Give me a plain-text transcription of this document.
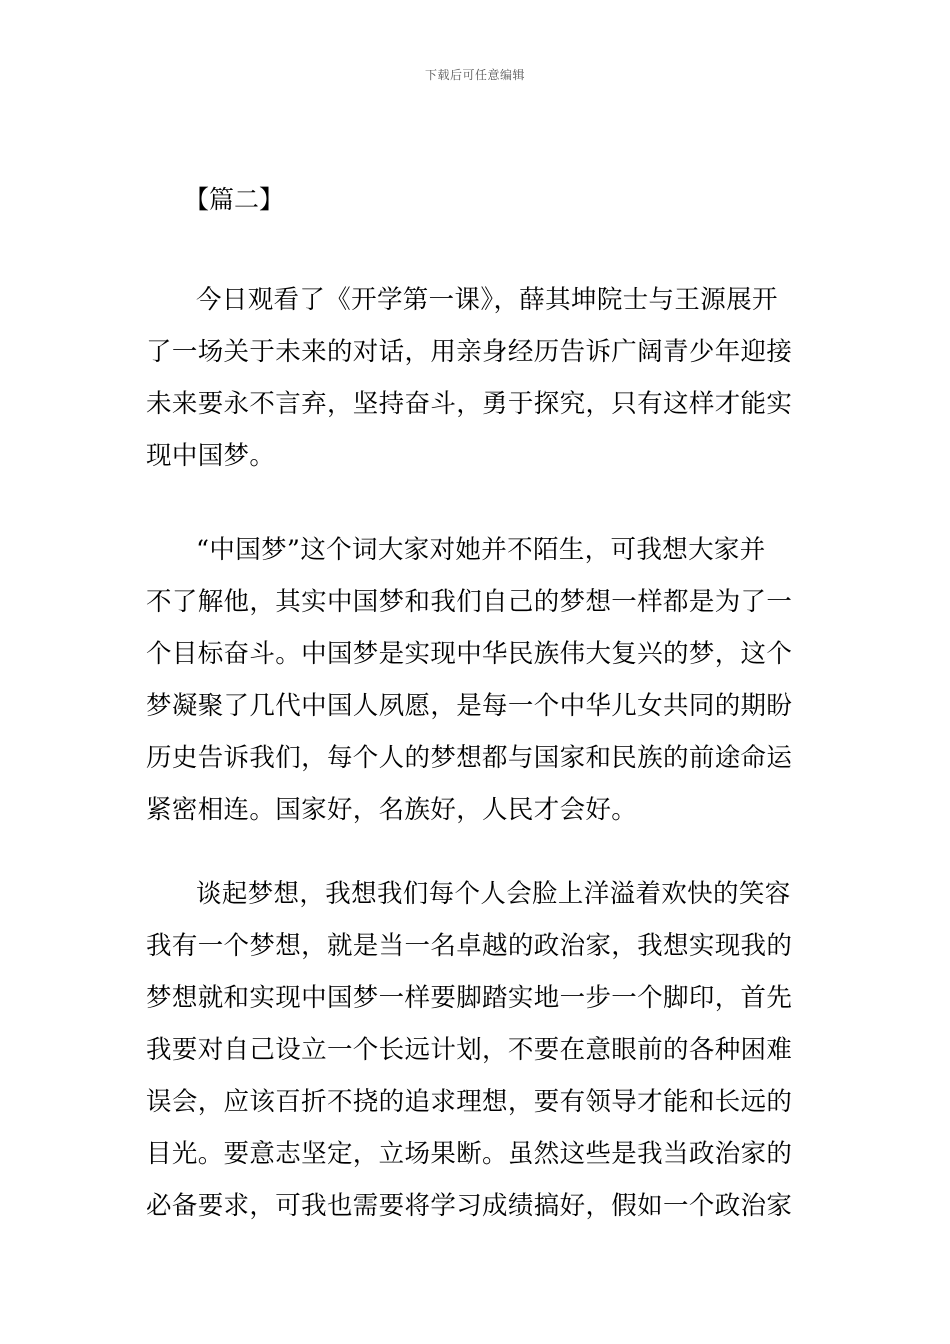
下载后可任意编辑
【篇二】
今日观看了《开学第一课》，薛其坤院士与王源展开
了一场关于未来的对话，用亲身经历告诉广阔青少年迎接
未来要永不言弃，坚持奋斗，勇于探究，只有这样才能实
现中国梦。
“中国梦”这个词大家对她并不陌生，可我想大家并
不了解他，其实中国梦和我们自己的梦想一样都是为了一
个目标奋斗。中国梦是实现中华民族伟大复兴的梦，这个
梦凝聚了几代中国人夙愿，是每一个中华儿女共同的期盼
历史告诉我们，每个人的梦想都与国家和民族的前途命运
紧密相连。国家好，名族好，人民才会好。
谈起梦想，我想我们每个人会脸上洋溢着欢快的笑容
我有一个梦想，就是当一名卓越的政治家，我想实现我的
梦想就和实现中国梦一样要脚踏实地一步一个脚印，首先
我要对自己设立一个长远计划，不要在意眼前的各种困难
误会，应该百折不挠的追求理想，要有领导才能和长远的
目光。要意志坚定，立场果断。虽然这些是我当政治家的
必备要求，可我也需要将学习成绩搞好，假如一个政治家
